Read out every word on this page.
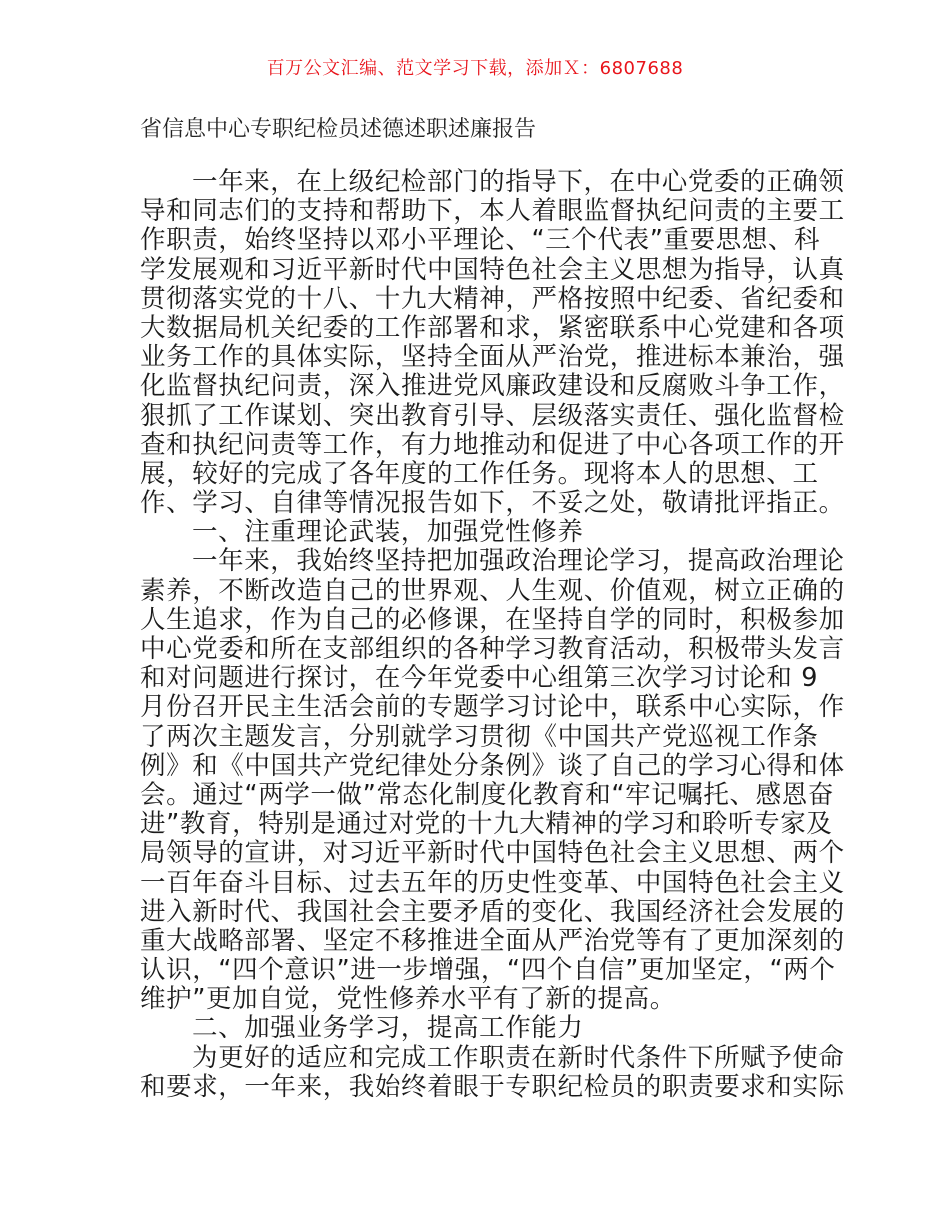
百万公文汇编、范文学习下载，添加Ｘ：6807688
省信息中心专职纪检员述德述职述廉报告
一年来，在上级纪检部门的指导下，在中心党委的正确领
导和同志们的支持和帮助下，本人着眼监督执纪问责的主要工
作职责，始终坚持以邓小平理论、“三个代表”重要思想、科
学发展观和习近平新时代中国特色社会主义思想为指导，认真
贯彻落实党的十八、十九大精神，严格按照中纪委、省纪委和
大数据局机关纪委的工作部署和求，紧密联系中心党建和各项
业务工作的具体实际，坚持全面从严治党，推进标本兼治，强
化监督执纪问责，深入推进党风廉政建设和反腐败斗争工作，
狠抓了工作谋划、突出教育引导、层级落实责任、强化监督检
查和执纪问责等工作，有力地推动和促进了中心各项工作的开
展，较好的完成了各年度的工作任务。现将本人的思想、工
作、学习、自律等情况报告如下，不妥之处，敬请批评指正。
一、注重理论武装，加强党性修养
一年来，我始终坚持把加强政治理论学习，提高政治理论
素养，不断改造自己的世界观、人生观、价值观，树立正确的
人生追求，作为自己的必修课，在坚持自学的同时，积极参加
中心党委和所在支部组织的各种学习教育活动，积极带头发言
和对问题进行探讨，在今年党委中心组第三次学习讨论和 9
月份召开民主生活会前的专题学习讨论中，联系中心实际，作
了两次主题发言，分别就学习贯彻《中国共产党巡视工作条
例》和《中国共产党纪律处分条例》谈了自己的学习心得和体
会。通过“两学一做”常态化制度化教育和“牢记嘱托、感恩奋
进”教育，特别是通过对党的十九大精神的学习和聆听专家及
局领导的宣讲，对习近平新时代中国特色社会主义思想、两个
一百年奋斗目标、过去五年的历史性变革、中国特色社会主义
进入新时代、我国社会主要矛盾的变化、我国经济社会发展的
重大战略部署、坚定不移推进全面从严治党等有了更加深刻的
认识，“四个意识”进一步增强，“四个自信”更加坚定，“两个
维护”更加自觉，党性修养水平有了新的提高。
二、加强业务学习，提高工作能力
为更好的适应和完成工作职责在新时代条件下所赋予使命
和要求，一年来，我始终着眼于专职纪检员的职责要求和实际
